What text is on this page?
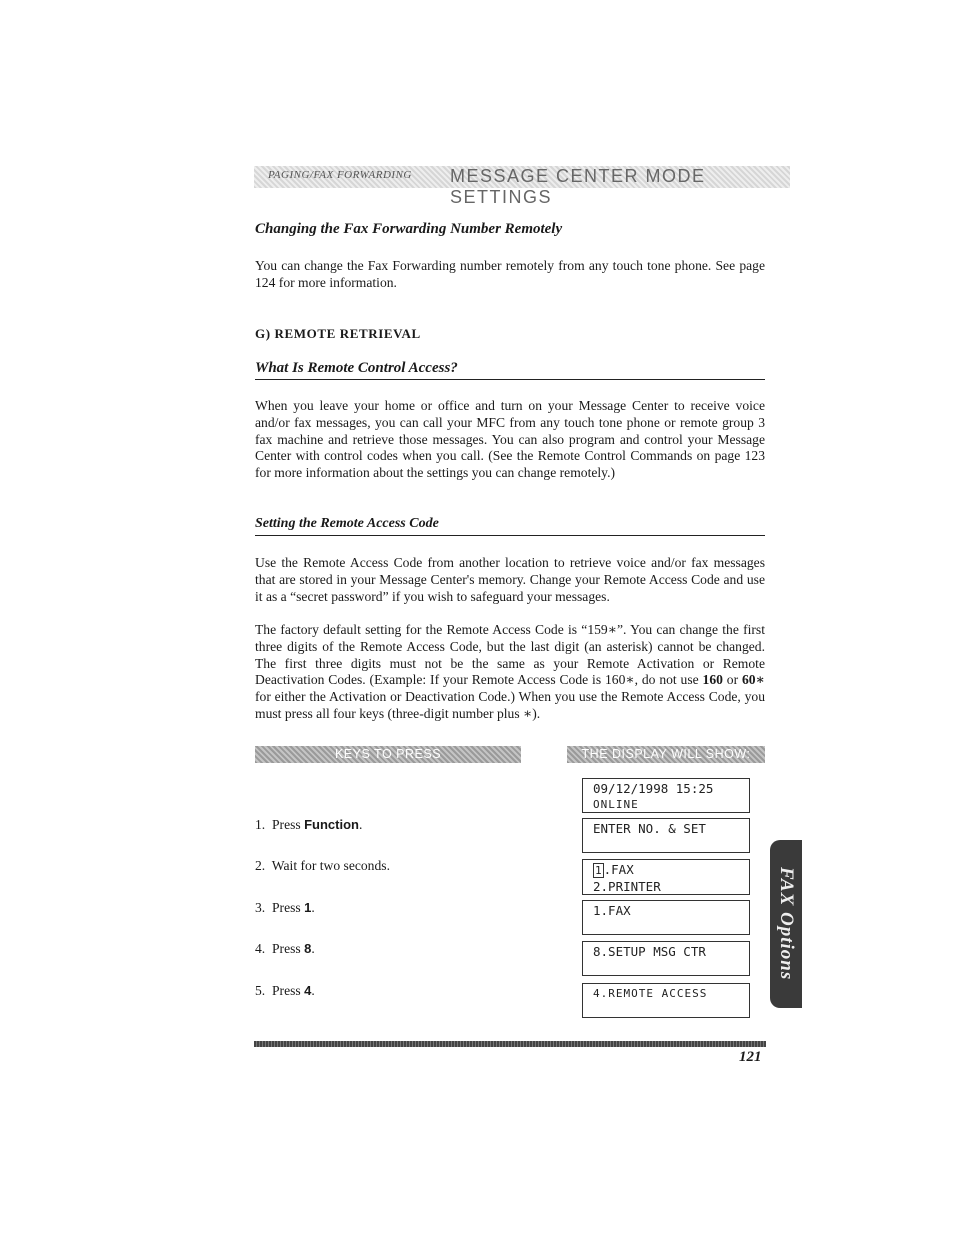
PAGING/FAX FORWARDING MESSAGE CENTER MODE SETTINGS
Changing the Fax Forwarding Number Remotely
You can change the Fax Forwarding number remotely from any touch tone phone. See page 124 for more information.
G) REMOTE RETRIEVAL
What Is Remote Control Access?
When you leave your home or office and turn on your Message Center to receive voice and/or fax messages, you can call your MFC from any touch tone phone or remote group 3 fax machine and retrieve those messages. You can also program and control your Message Center with control codes when you call. (See the Remote Control Commands on page 123 for more information about the settings you can change remotely.)
Setting the Remote Access Code
Use the Remote Access Code from another location to retrieve voice and/or fax messages that are stored in your Message Center's memory. Change your Remote Access Code and use it as a “secret password” if you wish to safeguard your messages.
The factory default setting for the Remote Access Code is “159∗”. You can change the first three digits of the Remote Access Code, but the last digit (an asterisk) cannot be changed. The first three digits must not be the same as your Remote Activation or Remote Deactivation Codes. (Example: If your Remote Access Code is 160∗, do not use 160 or 60∗ for either the Activation or Deactivation Code.) When you use the Remote Access Code, you must press all four keys (three-digit number plus ∗).
KEYS TO PRESS	THE DISPLAY WILL SHOW:
1. Press Function.
2. Wait for two seconds.
3. Press 1.
4. Press 8.
5. Press 4.
09/12/1998 15:25
ONLINE
ENTER NO. & SET
1 .FAX
2.PRINTER
1.FAX
8.SETUP MSG CTR
4.REMOTE ACCESS
FAX Options
121
